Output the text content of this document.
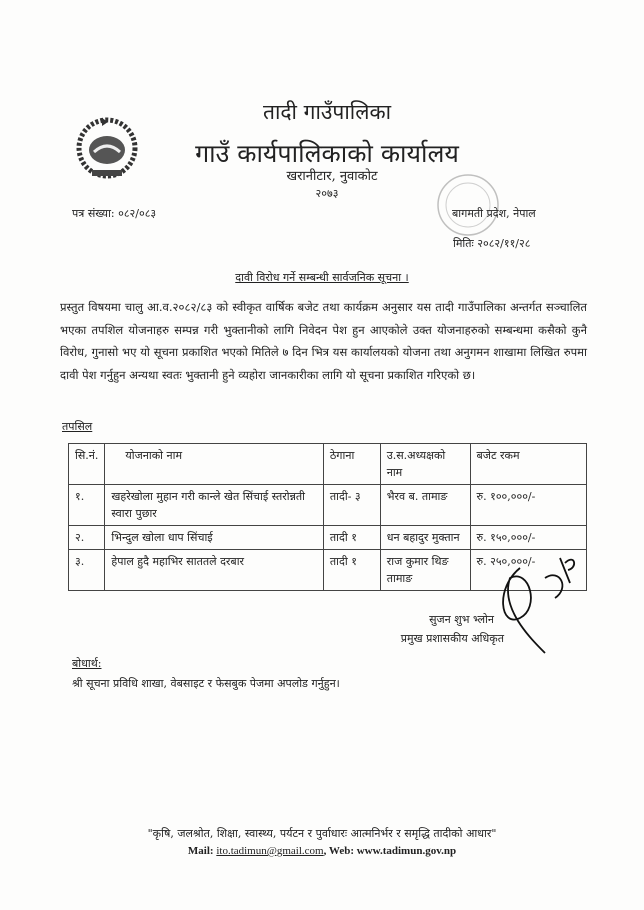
तादी गाउँपालिका
गाउँ कार्यपालिकाको कार्यालय
खरानीटार, नुवाकोट
२०७३
पत्र संख्या: ०८२/०८३	बागमती प्रदेश, नेपाल
मितिः २०८२/११/२८
दावी विरोध गर्ने सम्बन्धी सार्वजनिक सूचना ।
प्रस्तुत विषयमा चालु आ.व.२०८२/८३ को स्वीकृत वार्षिक बजेट तथा कार्यक्रम अनुसार यस तादी गाउँपालिका अन्तर्गत सञ्चालित भएका तपशिल योजनाहरु सम्पन्न गरी भुक्तानीको लागि निवेदन पेश हुन आएकोले उक्त योजनाहरुको सम्बन्धमा कसैको कुनै विरोध, गुनासो भए यो सूचना प्रकाशित भएको मितिले ७ दिन भित्र यस कार्यालयको योजना तथा अनुगमन शाखामा लिखित रुपमा दावी पेश गर्नुहुन अन्यथा स्वतः भुक्तानी हुने व्यहोरा जानकारीका लागि यो सूचना प्रकाशित गरिएको छ।
तपसिल
सि.नं.	योजनाको नाम	ठेगाना	उ.स.अध्यक्षको नाम	बजेट रकम
१.	खहरेखोला मुहान गरी कान्ले खेत सिंचाई स्तरोन्नती स्वारा पुछार	तादी- ३	भैरव ब. तामाङ	रु. १००,०००/-
२.	भिन्दुल खोला धाप सिंचाई	तादी १	धन बहादुर मुक्तान	रु. १५०,०००/-
३.	हेपाल हुदै महाभिर साततले दरबार	तादी १	राज कुमार थिङ तामाङ	रु. २५०,०००/-
सुजन शुभ भ्लोन
प्रमुख प्रशासकीय अधिकृत
बोधार्थ:
श्री सूचना प्रविधि शाखा, वेबसाइट र फेसबुक पेजमा अपलोड गर्नुहुन।
"कृषि, जलश्रोत, शिक्षा, स्वास्थ्य, पर्यटन र पुर्वाधारः आत्मनिर्भर र समृद्धि तादीको आधार"
Mail: ito.tadimun@gmail.com, Web: www.tadimun.gov.np
